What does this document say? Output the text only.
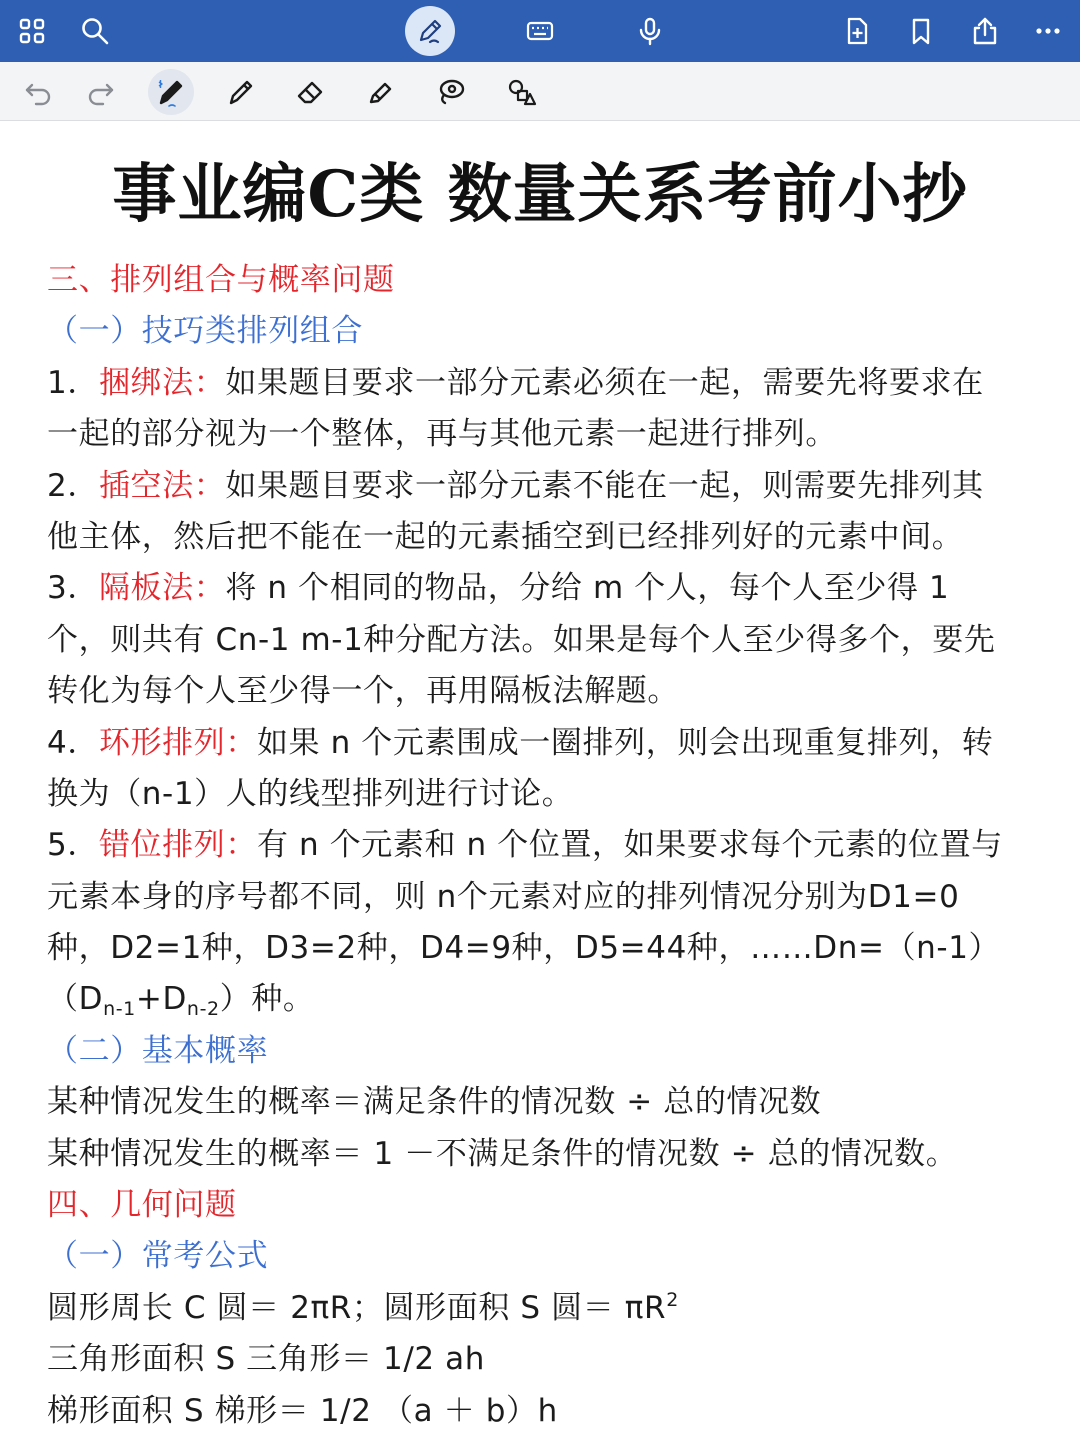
事业编C类 数量关系考前小抄
三、排列组合与概率问题
（一）技巧类排列组合
1．捆绑法：如果题目要求一部分元素必须在一起，需要先将要求在
一起的部分视为一个整体，再与其他元素一起进行排列。
2．插空法：如果题目要求一部分元素不能在一起，则需要先排列其
他主体，然后把不能在一起的元素插空到已经排列好的元素中间。
3．隔板法：将 n 个相同的物品，分给 m 个人，每个人至少得 1
个，则共有 Cn-1 m-1种分配方法。如果是每个人至少得多个，要先
转化为每个人至少得一个，再用隔板法解题。
4．环形排列：如果 n 个元素围成一圈排列，则会出现重复排列，转
换为（n-1）人的线型排列进行讨论。
5．错位排列：有 n 个元素和 n 个位置，如果要求每个元素的位置与
元素本身的序号都不同，则 n个元素对应的排列情况分别为D1=0
种，D2=1种，D3=2种，D4=9种，D5=44种，……Dn=（n-1）
$(D_{n-1}+D_{n-2})$种。
（二）基本概率
某种情况发生的概率＝满足条件的情况数 ÷ 总的情况数
某种情况发生的概率＝ 1 －不满足条件的情况数 ÷ 总的情况数。
四、几何问题
（一）常考公式
圆形周长 C 圆＝ 2πR；圆形面积 S 圆＝ $\pi R^2$
三角形面积 S 三角形＝ 1/2 ah
梯形面积 S 梯形＝ 1/2 （a ＋ b）h
